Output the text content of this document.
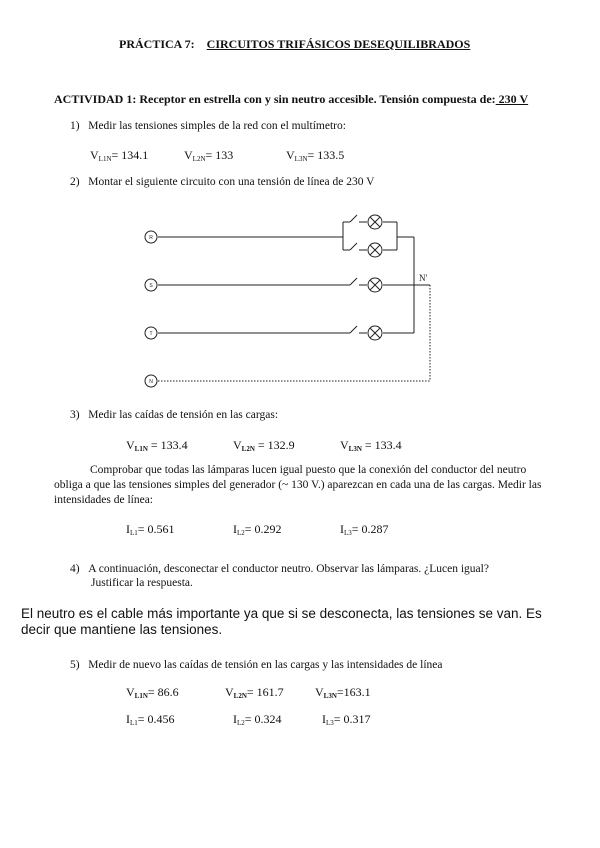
PRÁCTICA 7: CIRCUITOS TRIFÁSICOS DESEQUILIBRADOS
ACTIVIDAD 1: Receptor en estrella con y sin neutro accesible. Tensión compuesta de: 230 V
1) Medir las tensiones simples de la red con el multímetro:
$V_{L1N}= 134.1$	$V_{L2N}= 133$	$V_{L3N}= 133.5$
2) Montar el siguiente circuito con una tensión de línea de 230 V
R
S
T
N
N'
3) Medir las caídas de tensión en las cargas:
$V_{L1N} = 133.4$	$V_{L2N} = 132.9$	$V_{L3N} = 133.4$
Comprobar que todas las lámparas lucen igual puesto que la conexión del conductor del neutro obliga a que las tensiones simples del generador (~ 130 V.) aparezcan en cada una de las cargas. Medir las intensidades de línea:
$I_{L1}= 0.561$	$I_{L2}= 0.292$	$I_{L3}= 0.287$
4) A continuación, desconectar el conductor neutro. Observar las lámparas. ¿Lucen igual?
Justificar la respuesta.
El neutro es el cable más importante ya que si se desconecta, las tensiones se van. Es decir que mantiene las tensiones.
5) Medir de nuevo las caídas de tensión en las cargas y las intensidades de línea
$V_{L1N}= 86.6$	$V_{L2N}= 161.7$	$V_{L3N}=163.1$
$I_{L1}= 0.456$	$I_{L2}= 0.324$	$I_{L3}= 0.317$
